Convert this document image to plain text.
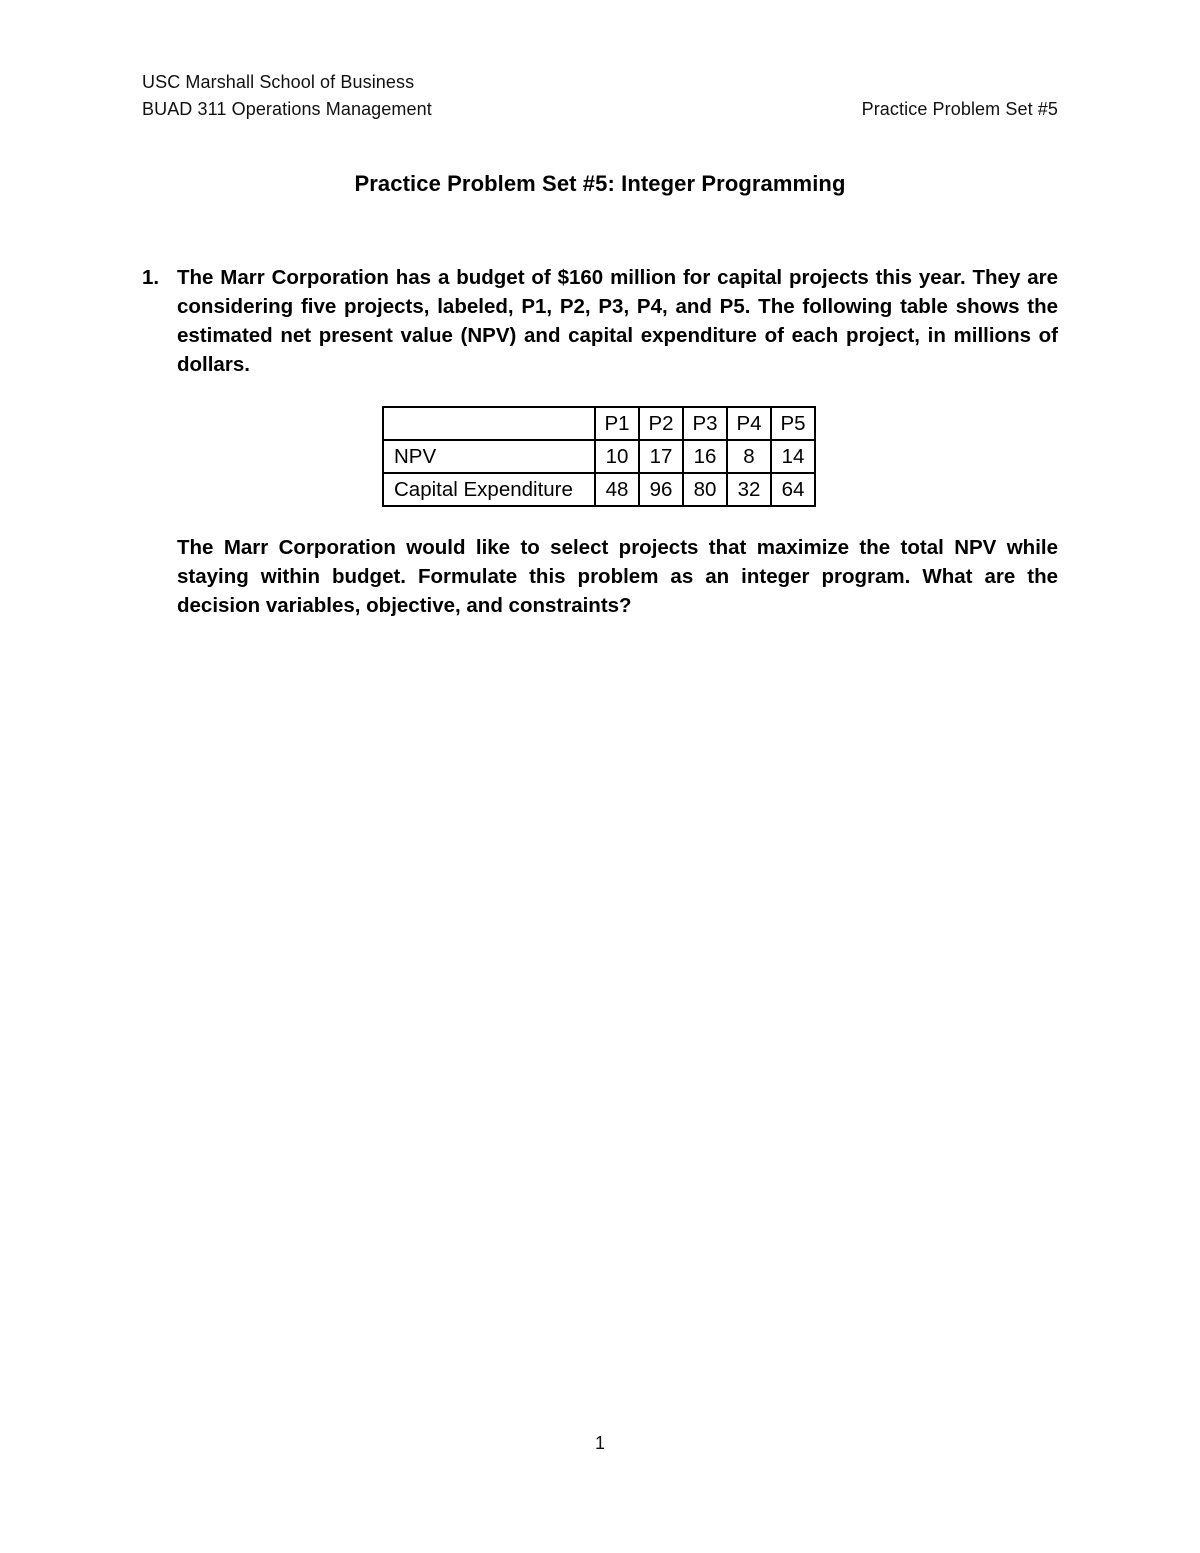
USC Marshall School of Business
BUAD 311 Operations Management	Practice Problem Set #5
Practice Problem Set #5: Integer Programming
1. The Marr Corporation has a budget of $160 million for capital projects this year. They are considering five projects, labeled, P1, P2, P3, P4, and P5. The following table shows the estimated net present value (NPV) and capital expenditure of each project, in millions of dollars.
	P1	P2	P3	P4	P5
NPV	10	17	16	8	14
Capital Expenditure	48	96	80	32	64
The Marr Corporation would like to select projects that maximize the total NPV while staying within budget. Formulate this problem as an integer program. What are the decision variables, objective, and constraints?
1
